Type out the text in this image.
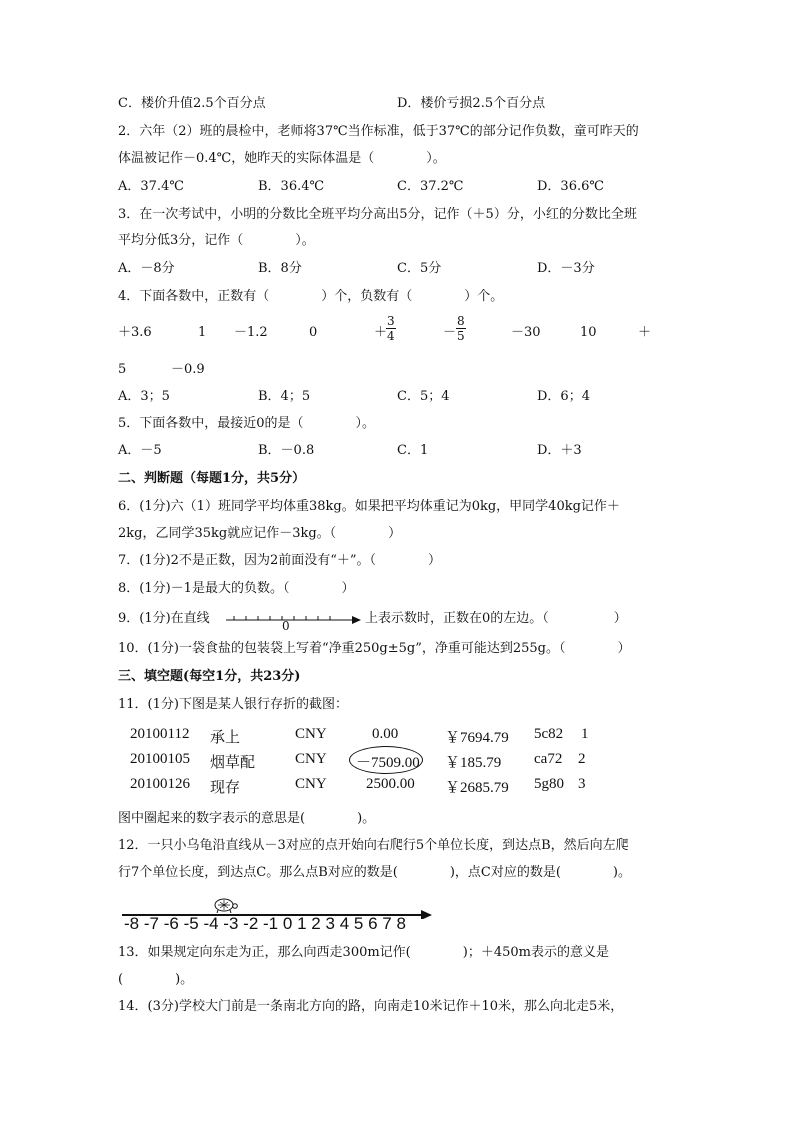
C．楼价升值2.5个百分点	D．楼价亏损2.5个百分点
2．六年（2）班的晨检中，老师将37℃当作标准，低于37℃的部分记作负数，童可昨天的
体温被记作－0.4℃，她昨天的实际体温是（　　　　）。
A．37.4℃	B．36.4℃	C．37.2℃	D．36.6℃
3．在一次考试中，小明的分数比全班平均分高出5分，记作（＋5）分，小红的分数比全班
平均分低3分，记作（　　　　）。
A．－8分	B．8分	C．5分	D．－3分
4．下面各数中，正数有（　　　　）个，负数有（　　　　）个。
＋3.6	1 －1.2	0	＋
$\frac{3}{4}$	－ $\frac{8}{5}$	－30	10	＋
5	－0.9
A．3；5	B．4；5	C．5；4	D．6；4
5．下面各数中，最接近0的是（　　　　）。
A．－5	B．－0.8	C．1	D．＋3
二、判断题（每题1分，共5分）
6．(1分)六（1）班同学平均体重38kg。如果把平均体重记为0kg，甲同学40kg记作＋
2kg，乙同学35kg就应记作－3kg。（　　　　）
7．(1分)2不是正数，因为2前面没有“＋”。（　　　　）
8．(1分)－1是最大的负数。（　　　　）
9．(1分)在直线	0	上表示数时，正数在0的左边。（　　　　　）
10．(1分)一袋食盐的包装袋上写着“净重250g±5g”，净重可能达到255g。（　　　　）
三、填空题(每空1分，共23分)
11．(1分)下图是某人银行存折的截图：
20100112 承上	CNY	0.00	￥7694.79 5c82 1
20100105 烟草配	CNY －7509.00 ￥185.79 ca72 2
20100126 现存	CNY	2500.00 ￥2685.79 5g80 3
图中圈起来的数字表示的意思是(　　　　)。
12．一只小乌龟沿直线从－3对应的点开始向右爬行5个单位长度，到达点B，然后向左爬
行7个单位长度，到达点C。那么点B对应的数是(　　　　)，点C对应的数是(　　　　)。
-8 -7 -6 -5 -4 -3 -2 -1 0 1 2 3 4 5 6 7 8
13．如果规定向东走为正，那么向西走300m记作(　　　　)；＋450m表示的意义是
(　　　　)。
14．(3分)学校大门前是一条南北方向的路，向南走10米记作＋10米，那么向北走5米，
